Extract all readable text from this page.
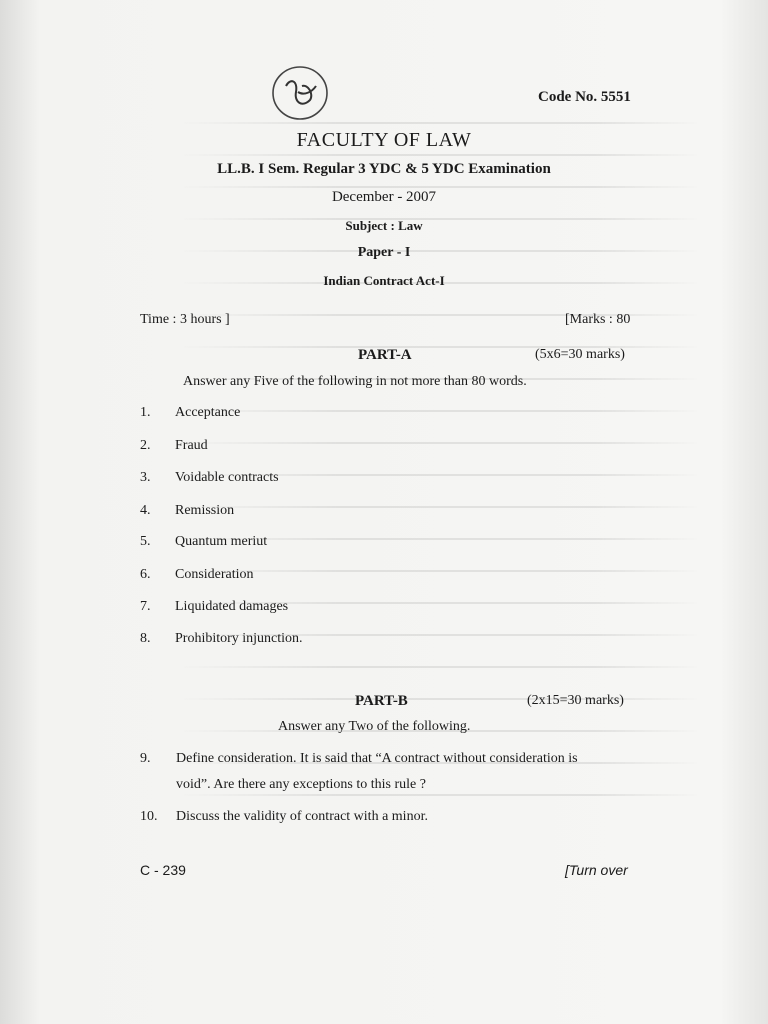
Code No. 5551
FACULTY OF LAW
LL.B. I Sem. Regular 3 YDC & 5 YDC Examination
December - 2007
Subject : Law
Paper - I
Indian Contract Act-I
Time : 3 hours ]	[Marks : 80
PART-A	(5x6=30 marks)
Answer any Five of the following in not more than 80 words.
1. Acceptance
2. Fraud
3. Voidable contracts
4. Remission
5. Quantum meriut
6. Consideration
7. Liquidated damages
8. Prohibitory injunction.
PART-B	(2x15=30 marks)
Answer any Two of the following.
9. Define consideration. It is said that “A contract without consideration is
void”. Are there any exceptions to this rule ?
10. Discuss the validity of contract with a minor.
C - 239	[Turn over
